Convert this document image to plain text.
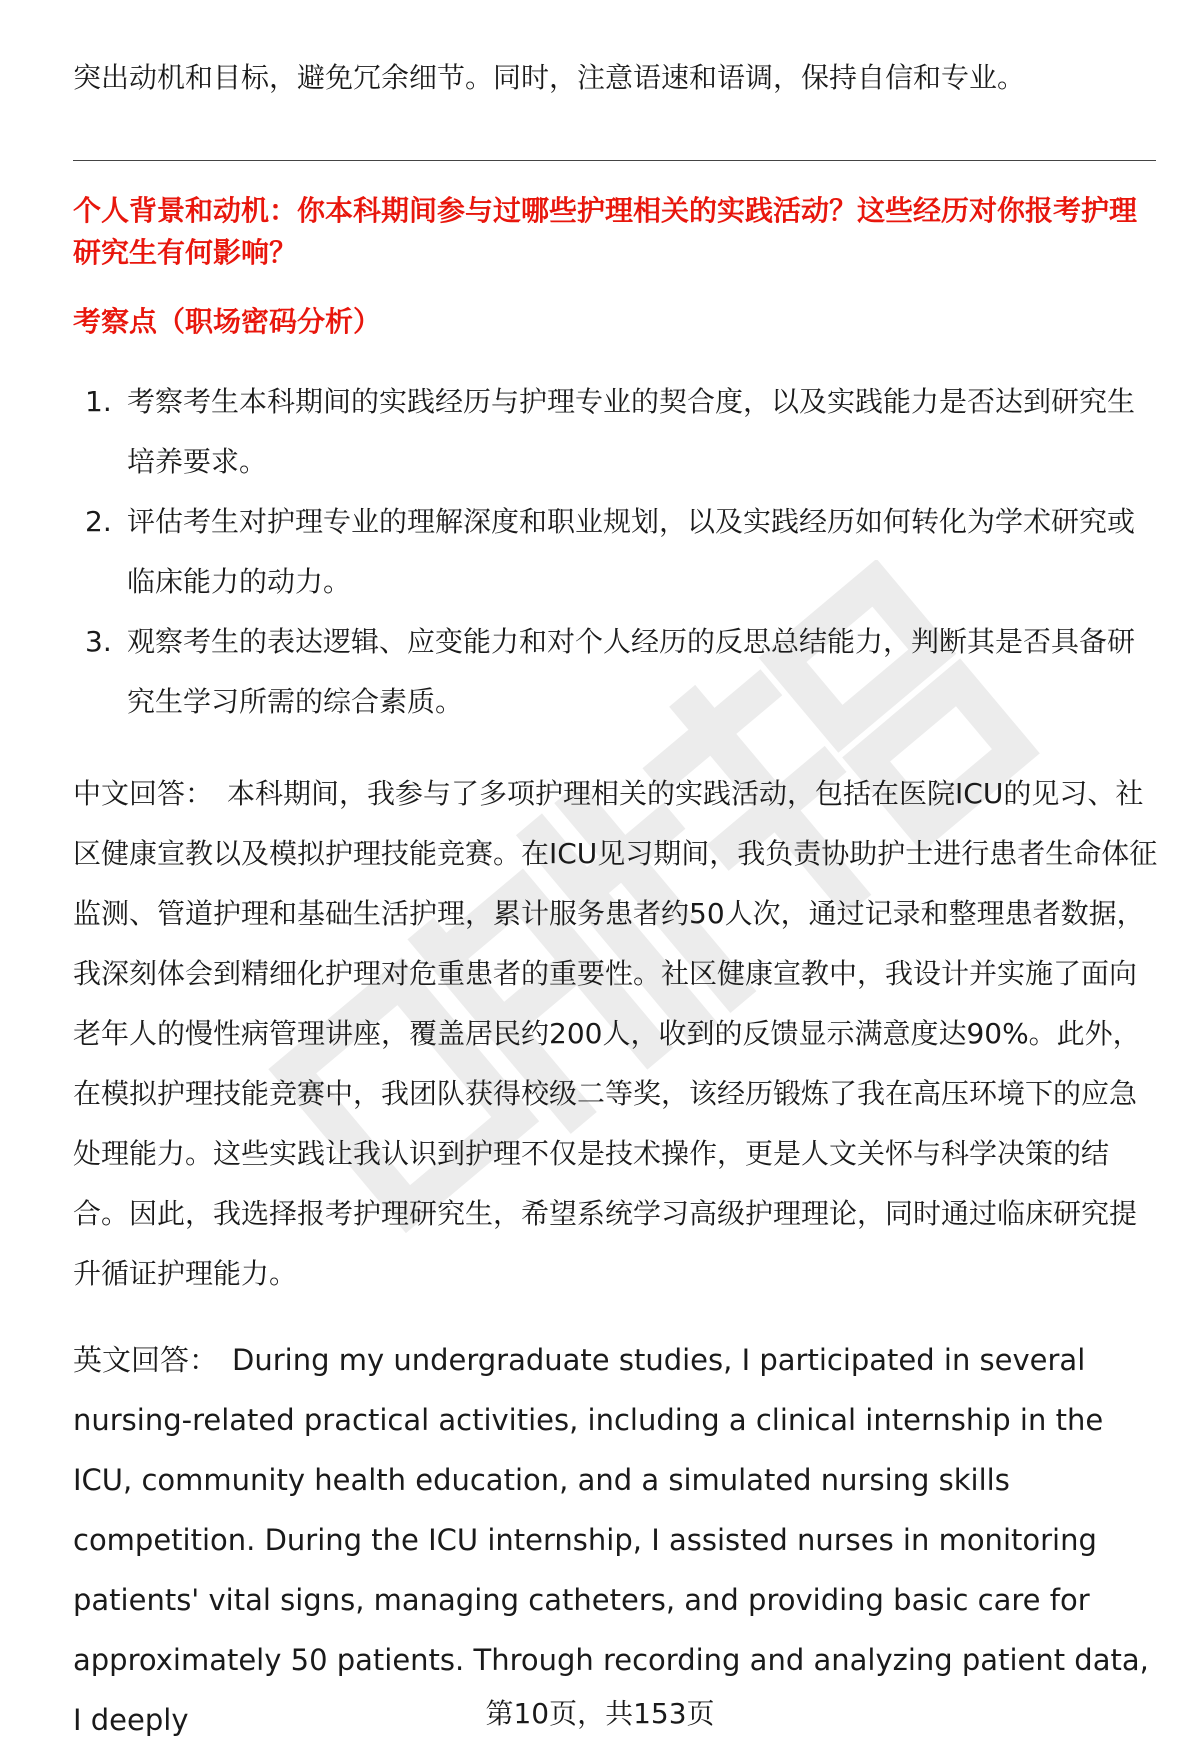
突出动机和目标，避免冗余细节。同时，注意语速和语调，保持自信和专业。
个人背景和动机：你本科期间参与过哪些护理相关的实践活动？这些经历对你报考护理研究生有何影响？
考察点（职场密码分析）
1. 考察考生本科期间的实践经历与护理专业的契合度，以及实践能力是否达到研究生培养要求。
2. 评估考生对护理专业的理解深度和职业规划，以及实践经历如何转化为学术研究或临床能力的动力。
3. 观察考生的表达逻辑、应变能力和对个人经历的反思总结能力，判断其是否具备研究生学习所需的综合素质。
中文回答： 本科期间，我参与了多项护理相关的实践活动，包括在医院ICU的见习、社区健康宣教以及模拟护理技能竞赛。在ICU见习期间，我负责协助护士进行患者生命体征监测、管道护理和基础生活护理，累计服务患者约50人次，通过记录和整理患者数据，我深刻体会到精细化护理对危重患者的重要性。社区健康宣教中，我设计并实施了面向老年人的慢性病管理讲座，覆盖居民约200人，收到的反馈显示满意度达90%。此外，在模拟护理技能竞赛中，我团队获得校级二等奖，该经历锻炼了我在高压环境下的应急处理能力。这些实践让我认识到护理不仅是技术操作，更是人文关怀与科学决策的结合。因此，我选择报考护理研究生，希望系统学习高级护理理论，同时通过临床研究提升循证护理能力。
英文回答： During my undergraduate studies, I participated in several nursing-related practical activities, including a clinical internship in the ICU, community health education, and a simulated nursing skills competition. During the ICU internship, I assisted nurses in monitoring patients' vital signs, managing catheters, and providing basic care for approximately 50 patients. Through recording and analyzing patient data, I deeply	第10页，共153页
